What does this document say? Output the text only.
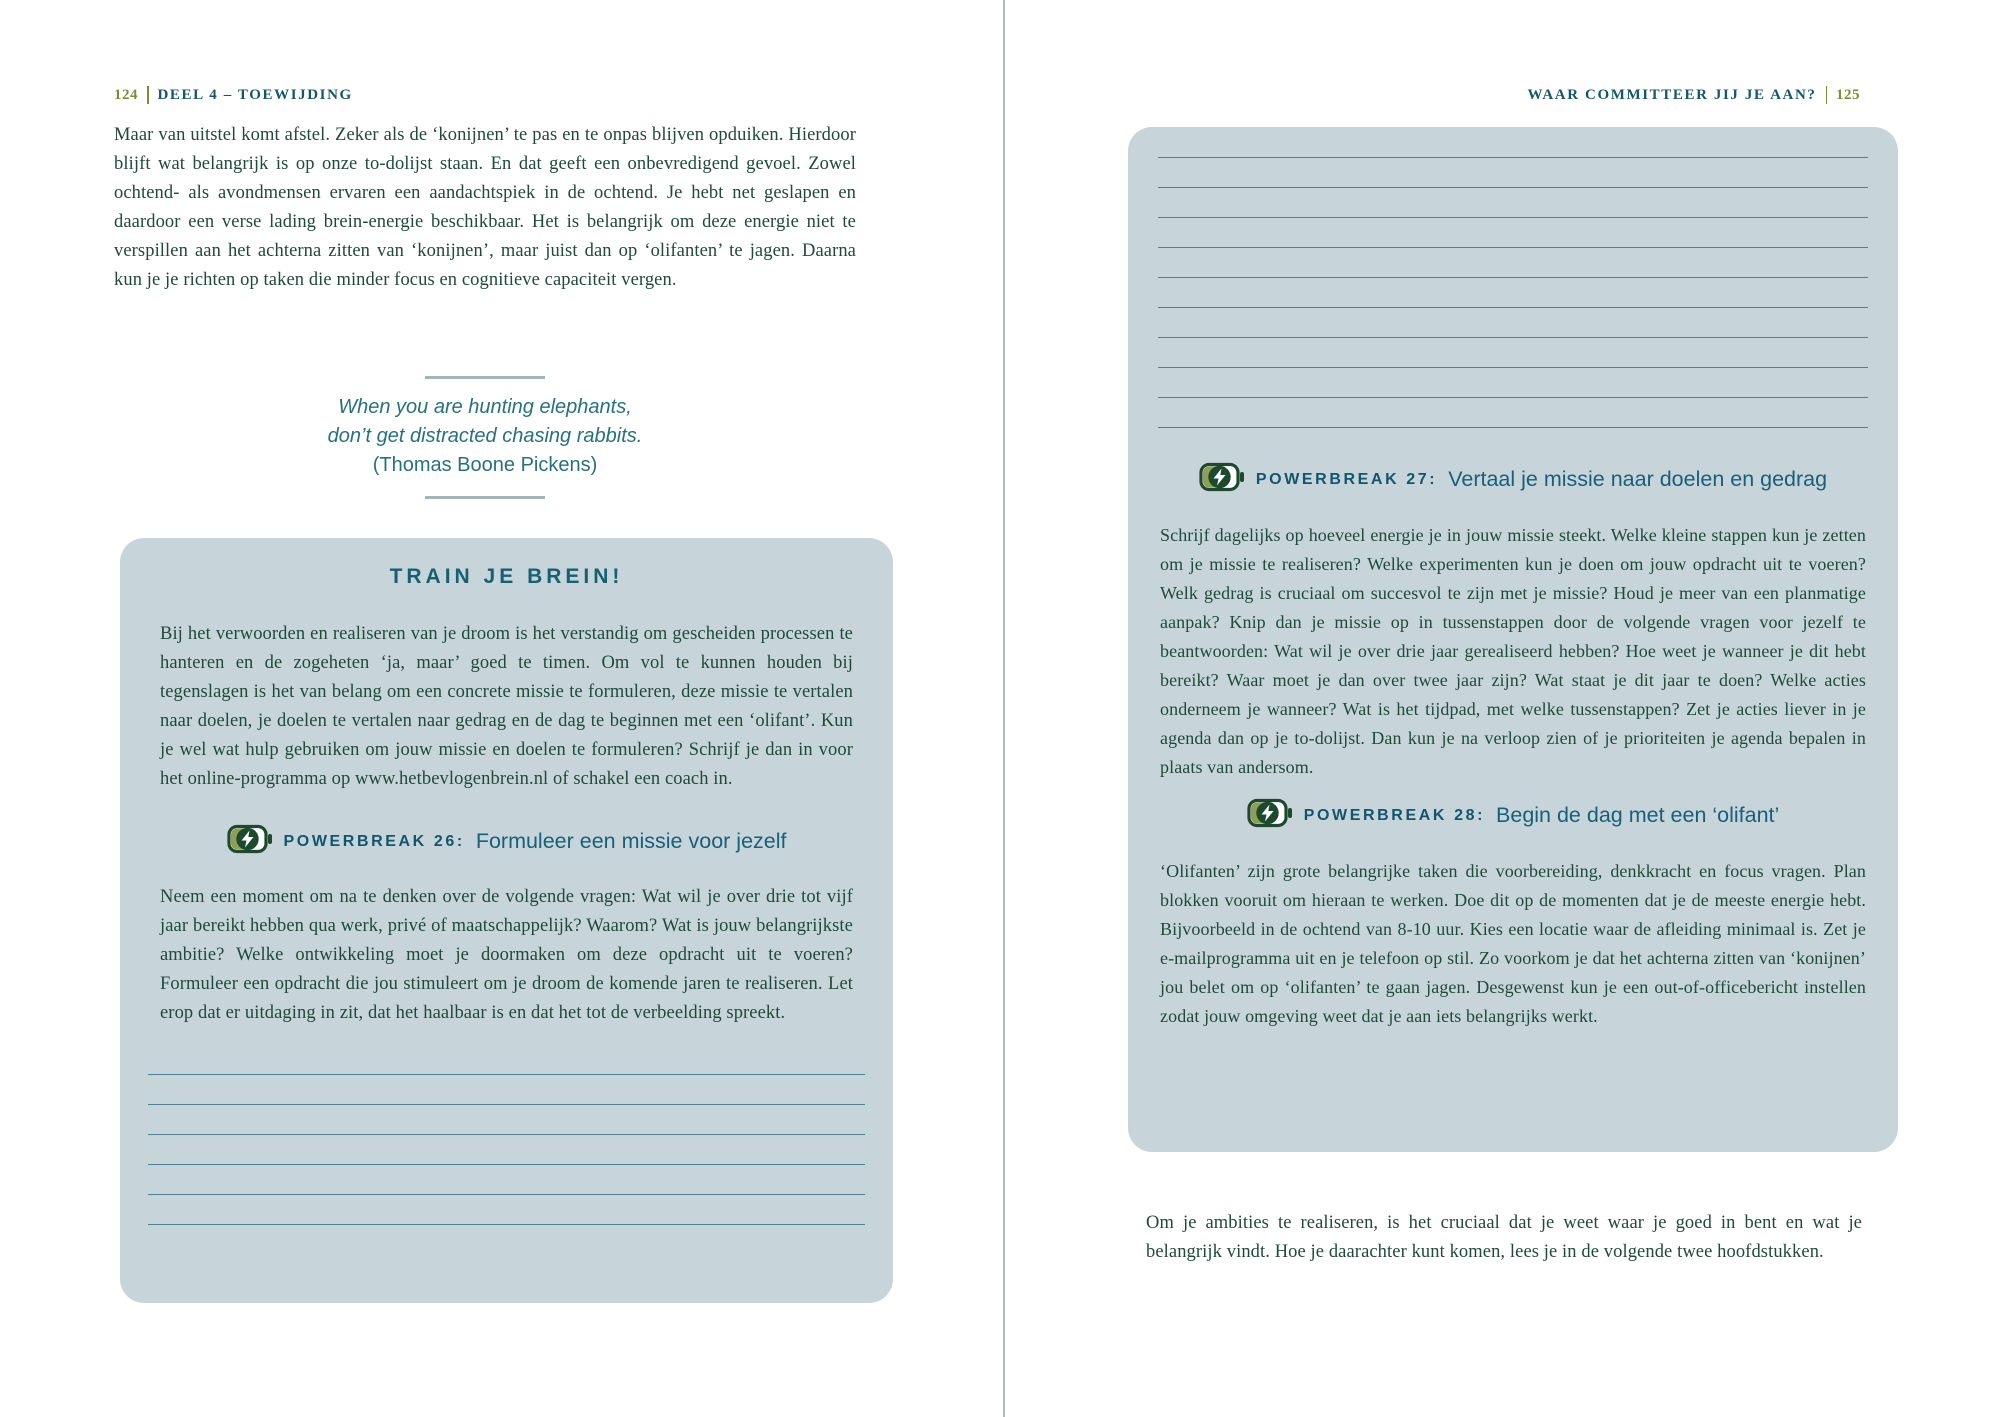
124 DEEL 4 – TOEWIJDING

Maar van uitstel komt afstel. Zeker als de ‘konijnen’ te pas en te onpas blijven opduiken. Hierdoor blijft wat belangrijk is op onze to-dolijst staan. En dat geeft een onbevredigend gevoel. Zowel ochtend- als avondmensen ervaren een aandachtspiek in de ochtend. Je hebt net geslapen en daardoor een verse lading brein-energie beschikbaar. Het is belangrijk om deze energie niet te verspillen aan het achterna zitten van ‘konijnen’, maar juist dan op ‘olifanten’ te jagen. Daarna kun je je richten op taken die minder focus en cognitieve capaciteit vergen.

When you are hunting elephants,
don’t get distracted chasing rabbits.
(Thomas Boone Pickens)
TRAIN JE BREIN!

Bij het verwoorden en realiseren van je droom is het verstandig om gescheiden processen te hanteren en de zogeheten ‘ja, maar’ goed te timen. Om vol te kunnen houden bij tegenslagen is het van belang om een concrete missie te formuleren, deze missie te vertalen naar doelen, je doelen te vertalen naar gedrag en de dag te beginnen met een ‘olifant’. Kun je wel wat hulp gebruiken om jouw missie en doelen te formuleren? Schrijf je dan in voor het online-programma op www.hetbevlogenbrein.nl of schakel een coach in.

POWERBREAK 26: Formuleer een missie voor jezelf

Neem een moment om na te denken over de volgende vragen: Wat wil je over drie tot vijf jaar bereikt hebben qua werk, privé of maatschappelijk? Waarom? Wat is jouw belangrijkste ambitie? Welke ontwikkeling moet je doormaken om deze opdracht uit te voeren? Formuleer een opdracht die jou stimuleert om je droom de komende jaren te realiseren. Let erop dat er uitdaging in zit, dat het haalbaar is en dat het tot de verbeelding spreekt.

WAAR COMMITTEER JIJ JE AAN? 125
POWERBREAK 27: Vertaal je missie naar doelen en gedrag

Schrijf dagelijks op hoeveel energie je in jouw missie steekt. Welke kleine stappen kun je zetten om je missie te realiseren? Welke experimenten kun je doen om jouw opdracht uit te voeren? Welk gedrag is cruciaal om succesvol te zijn met je missie? Houd je meer van een planmatige aanpak? Knip dan je missie op in tussenstappen door de volgende vragen voor jezelf te beantwoorden: Wat wil je over drie jaar gerealiseerd hebben? Hoe weet je wanneer je dit hebt bereikt? Waar moet je dan over twee jaar zijn? Wat staat je dit jaar te doen? Welke acties onderneem je wanneer? Wat is het tijdpad, met welke tussenstappen? Zet je acties liever in je agenda dan op je to-dolijst. Dan kun je na verloop zien of je prioriteiten je agenda bepalen in plaats van andersom.

POWERBREAK 28: Begin de dag met een ‘olifant’

‘Olifanten’ zijn grote belangrijke taken die voorbereiding, denkkracht en focus vragen. Plan blokken vooruit om hieraan te werken. Doe dit op de momenten dat je de meeste energie hebt. Bijvoorbeeld in de ochtend van 8-10 uur. Kies een locatie waar de afleiding minimaal is. Zet je e-mailprogramma uit en je telefoon op stil. Zo voorkom je dat het achterna zitten van ‘konijnen’ jou belet om op ‘olifanten’ te gaan jagen. Desgewenst kun je een out-of-officebericht instellen zodat jouw omgeving weet dat je aan iets belangrijks werkt.

Om je ambities te realiseren, is het cruciaal dat je weet waar je goed in bent en wat je belangrijk vindt. Hoe je daarachter kunt komen, lees je in de volgende twee hoofdstukken.
